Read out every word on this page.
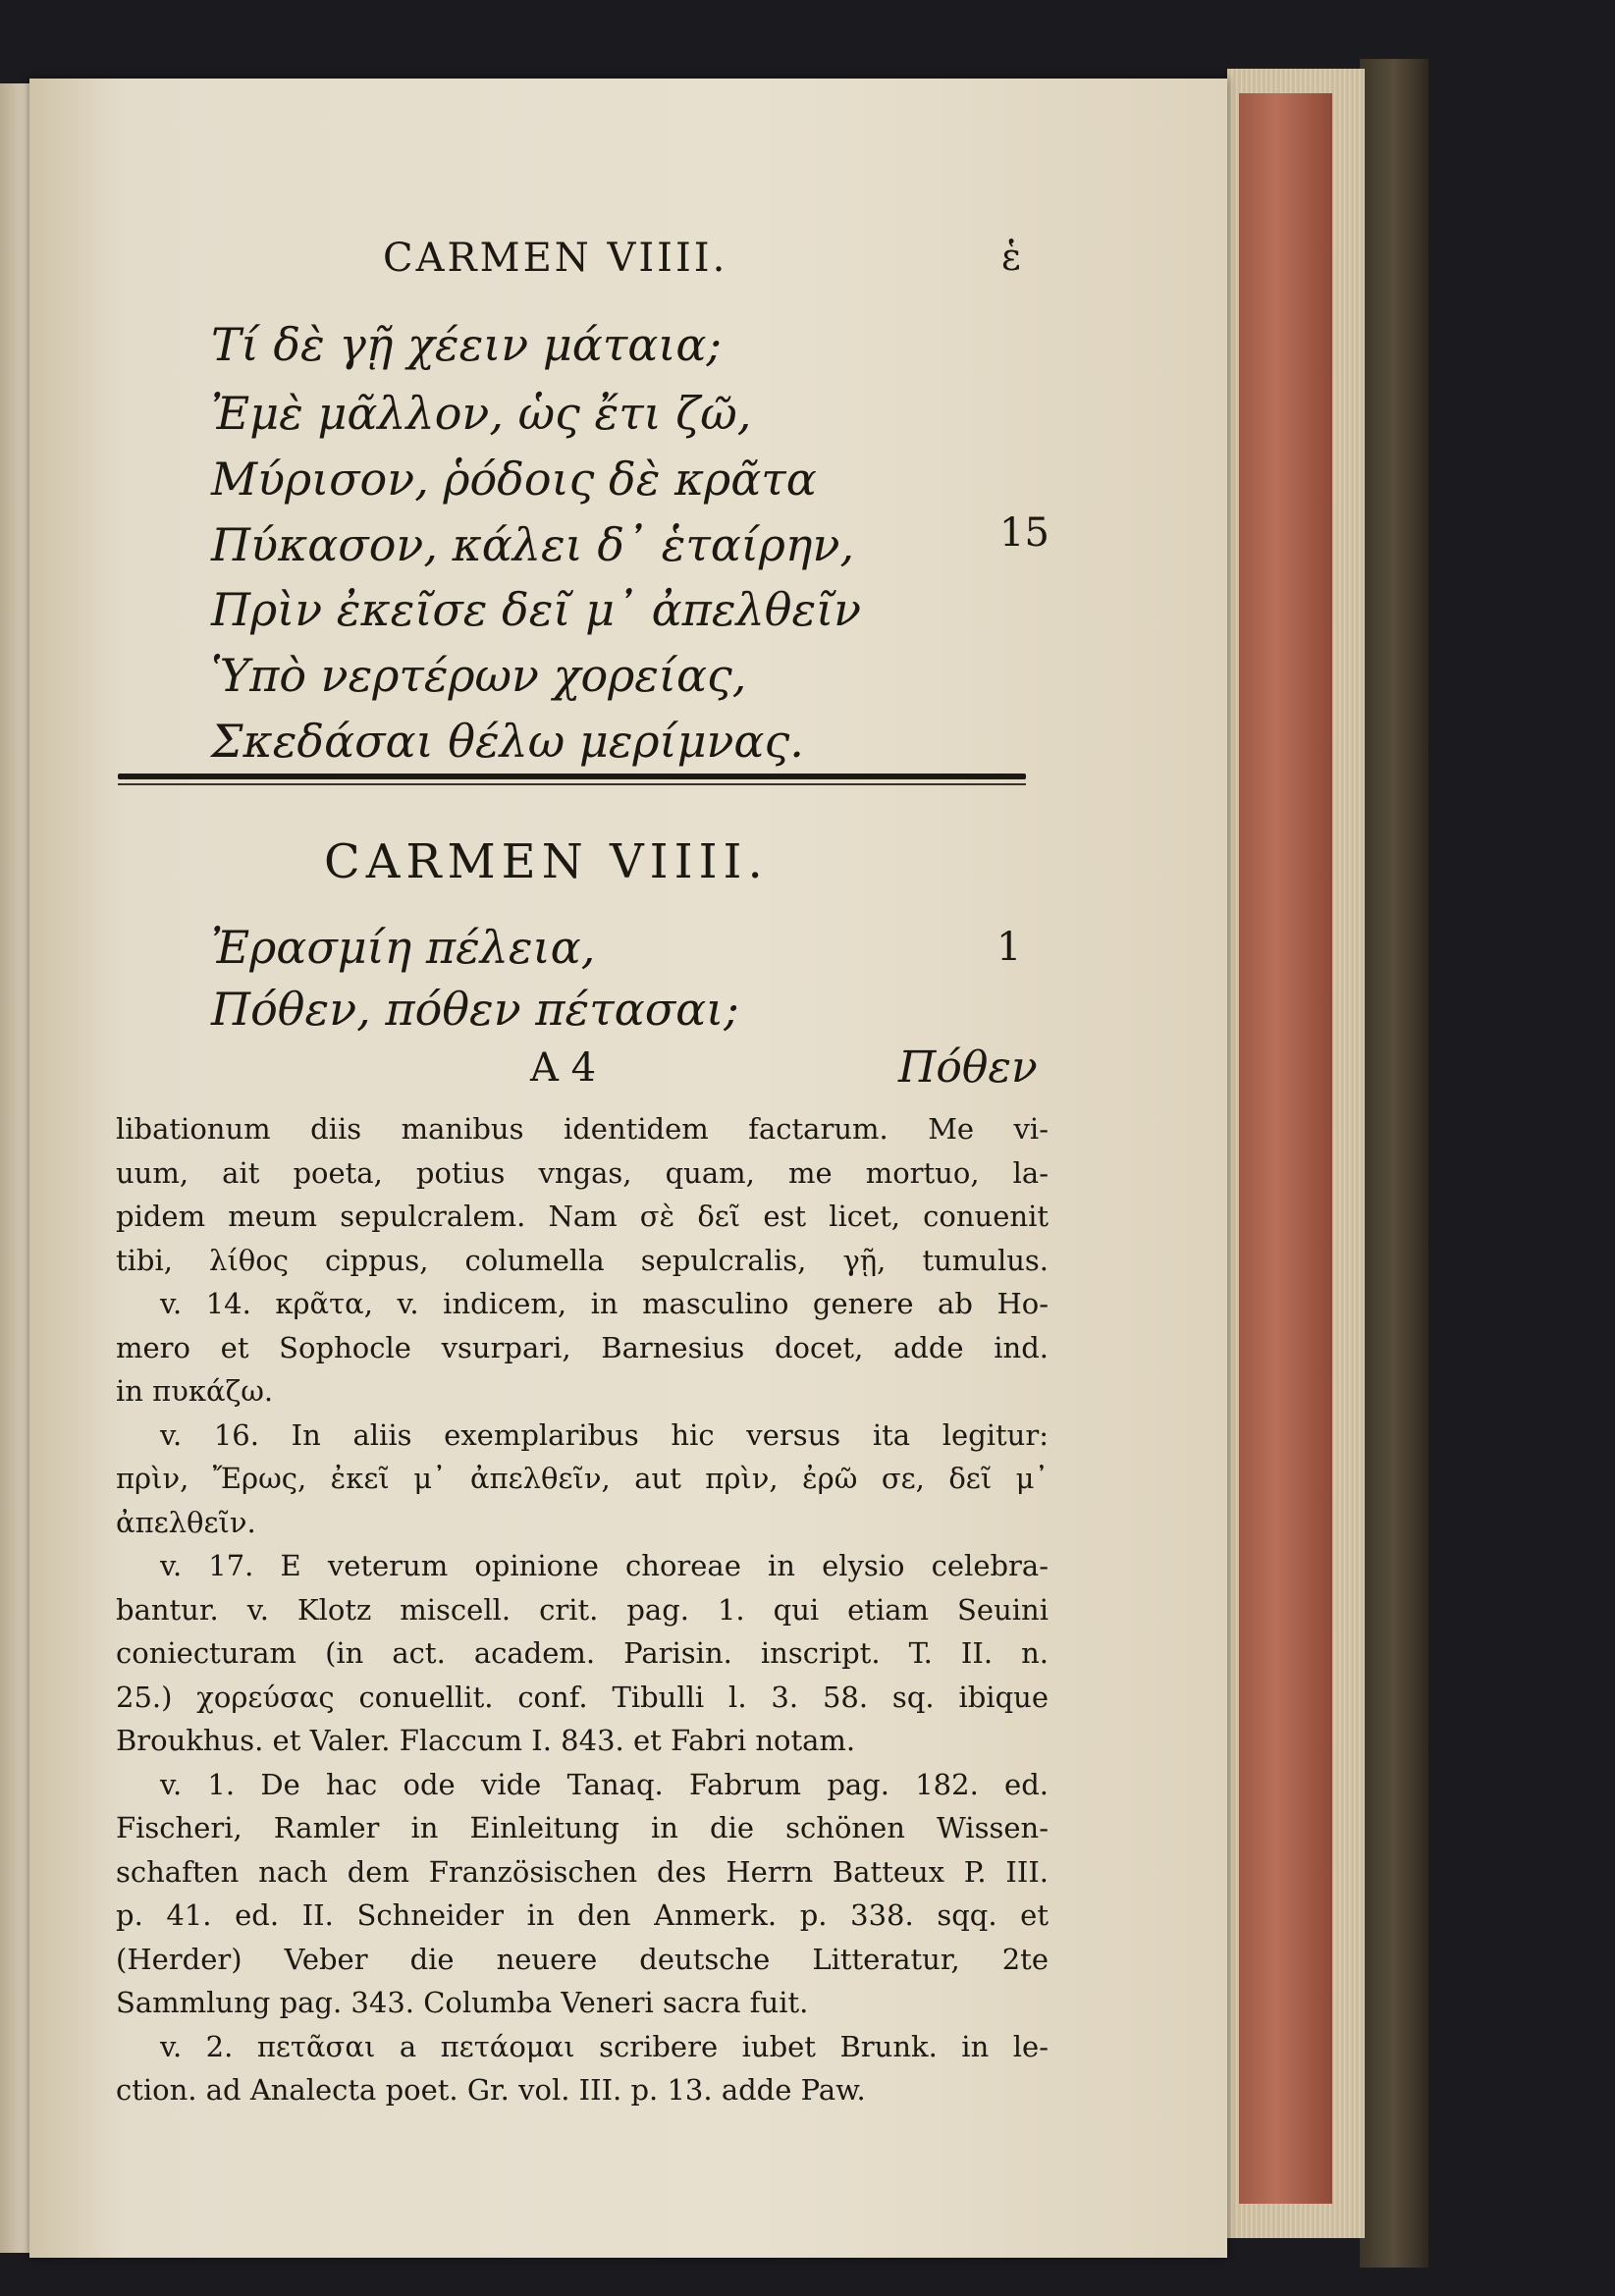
CARMEN VIIII.	ἑ
Τί δὲ γῇ χέειν μάταια;
Ἐμὲ μᾶλλον, ὡς ἔτι ζῶ,
Μύρισον, ῥόδοις δὲ κρᾶτα
Πύκασον, κάλει δ᾽ ἑταίρην,	15
Πρὶν ἐκεῖσε δεῖ μ᾽ ἀπελθεῖν
Ὑπὸ νερτέρων χορείας,
Σκεδάσαι θέλω μερίμνας.
CARMEN VIIII.
Ἐρασμίη πέλεια,	1
Πόθεν, πόθεν πέτασαι;
A 4	Πόθεν
libationum diis manibus identidem factarum. Me vi-
uum, ait poeta, potius vngas, quam, me mortuo, la-
pidem meum sepulcralem. Nam σὲ δεῖ est licet, conuenit
tibi, λίθος cippus, columella sepulcralis, γῇ, tumulus.
v. 14. κρᾶτα, v. indicem, in masculino genere ab Ho-
mero et Sophocle vsurpari, Barnesius docet, adde ind.
in πυκάζω.
v. 16. In aliis exemplaribus hic versus ita legitur:
πρὶν, Ἔρως, ἐκεῖ μ᾽ ἀπελθεῖν, aut πρὶν, ἐρῶ σε, δεῖ μ᾽
ἀπελθεῖν.
v. 17. E veterum opinione choreae in elysio celebra-
bantur. v. Klotz miscell. crit. pag. 1. qui etiam Seuini
coniecturam (in act. academ. Parisin. inscript. T. II. n.
25.) χορεύσας conuellit. conf. Tibulli l. 3. 58. sq. ibique
Broukhus. et Valer. Flaccum I. 843. et Fabri notam.
v. 1. De hac ode vide Tanaq. Fabrum pag. 182. ed.
Fischeri, Ramler in Einleitung in die schönen Wissen-
schaften nach dem Französischen des Herrn Batteux P. III.
p. 41. ed. II. Schneider in den Anmerk. p. 338. sqq. et
(Herder) Veber die neuere deutsche Litteratur, 2te
Sammlung pag. 343. Columba Veneri sacra fuit.
v. 2. πετᾶσαι a πετάομαι scribere iubet Brunk. in le-
ction. ad Analecta poet. Gr. vol. III. p. 13. adde Paw.
